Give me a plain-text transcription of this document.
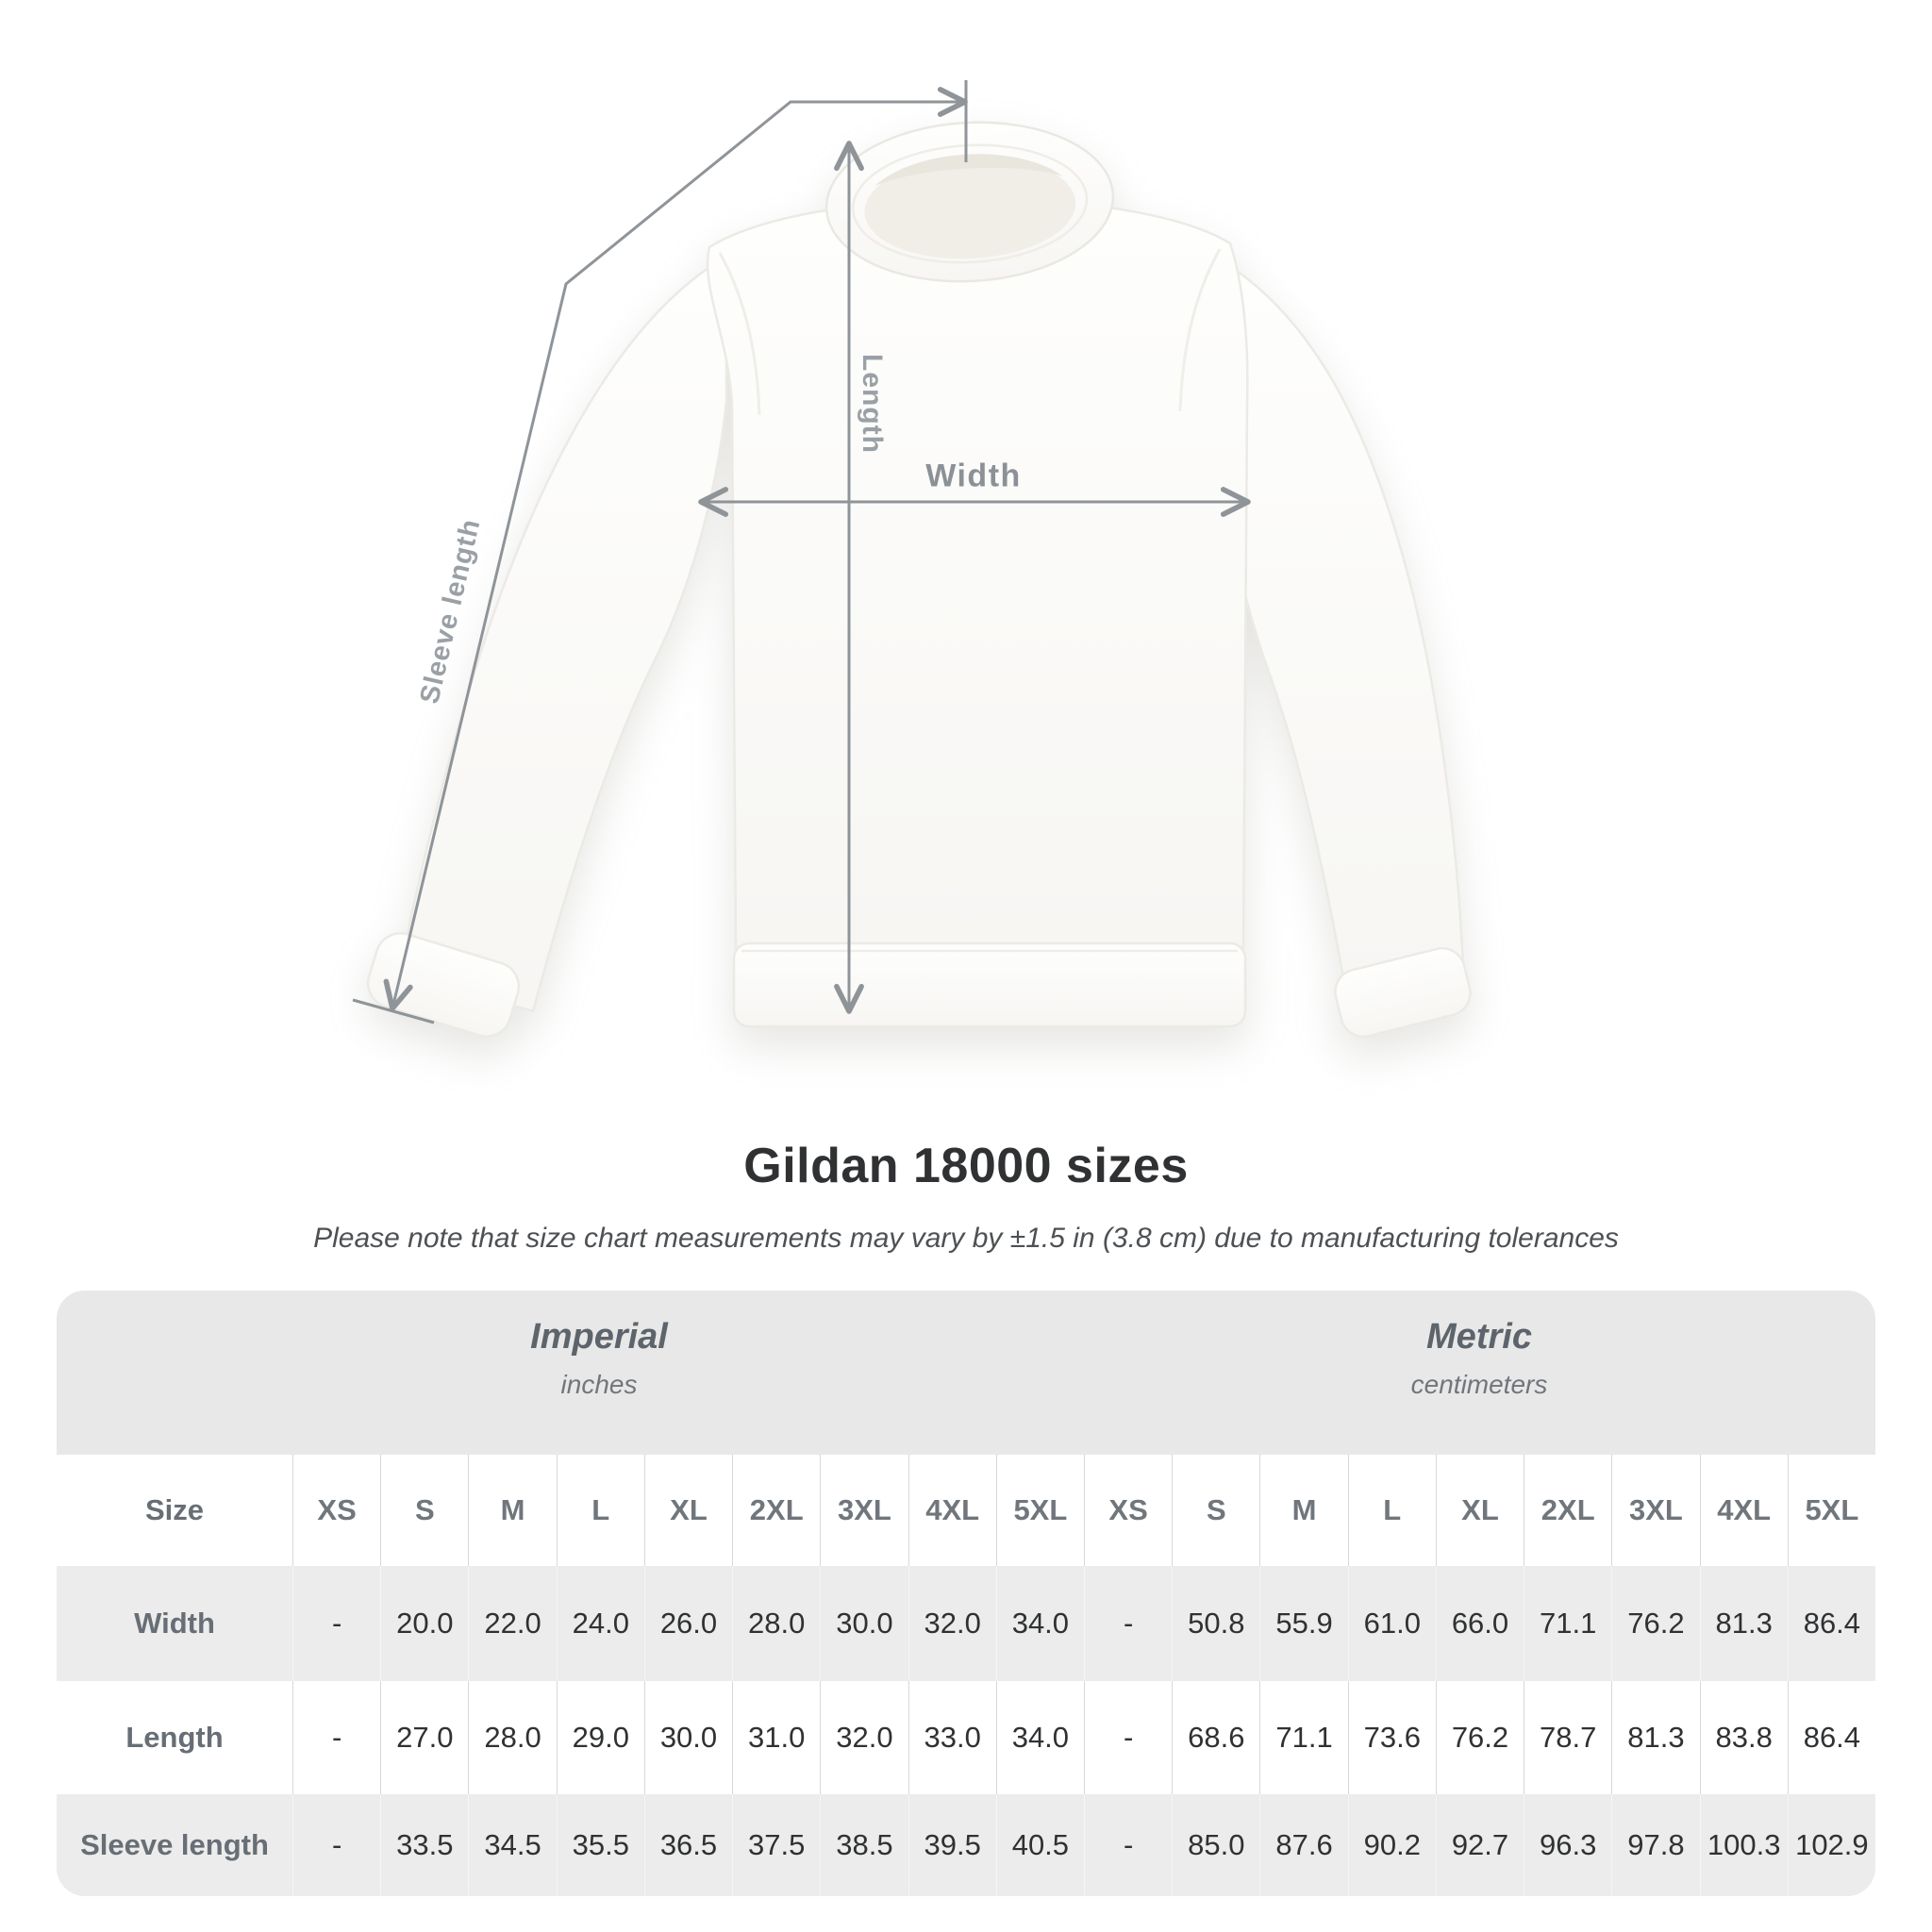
Length
Sleeve length
Width
Gildan 18000 sizes
Please note that size chart measurements may vary by ±1.5 in (3.8 cm) due to manufacturing tolerances
Imperial
inches
Metric
centimeters
Size	XS	S	M	L	XL	2XL	3XL	4XL	5XL	XS	S	M	L	XL	2XL	3XL	4XL	5XL
Width	-	20.0	22.0	24.0	26.0	28.0	30.0	32.0	34.0	-	50.8	55.9	61.0	66.0	71.1	76.2	81.3	86.4
Length	-	27.0	28.0	29.0	30.0	31.0	32.0	33.0	34.0	-	68.6	71.1	73.6	76.2	78.7	81.3	83.8	86.4
Sleeve length	-	33.5	34.5	35.5	36.5	37.5	38.5	39.5	40.5	-	85.0	87.6	90.2	92.7	96.3	97.8 100.3 102.9
